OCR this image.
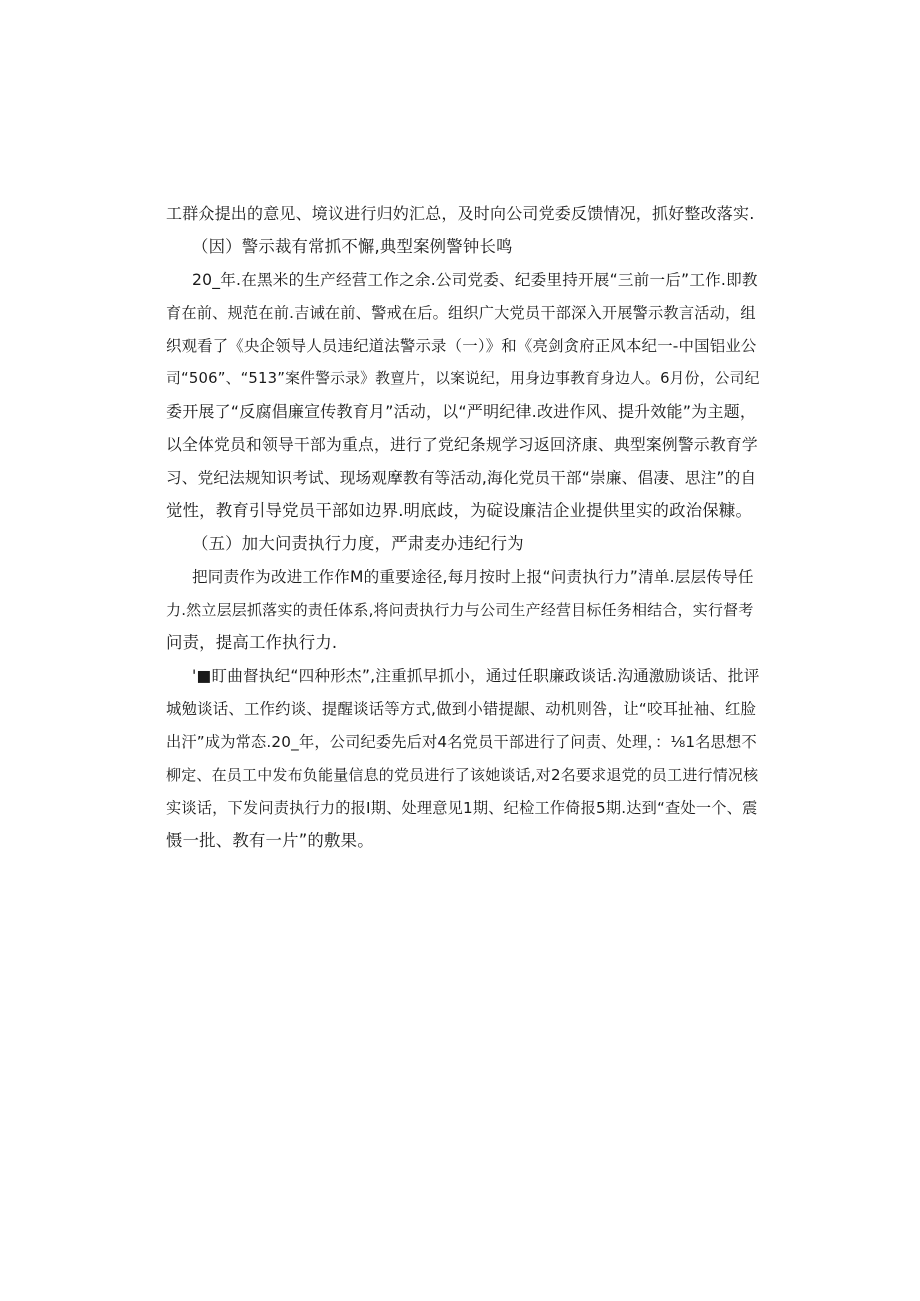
工群众提出的意见、境议进行归妁汇总，及时向公司党委反馈情况，抓好整改落实.
（因）警示裁有常抓不懈,典型案例警钟长鸣
20_年.在黑米的生产经营工作之余.公司党委、纪委里持开展“三前一后”工作.即教
育在前、规范在前.吉诫在前、警戒在后。组织广大党员干部深入开展警示教言活动，组
织观看了《央企领导人员违纪道法警示录（一）》和《亮剑贪府正风本纪一-中国铝业公
司“506”、“513”案件警示录》教亶片，以案说纪，用身边事教育身边人。6月份，公司纪
委开展了“反腐倡廉宣传教育月”活动，以“严明纪律.改进作风、提升效能”为主题，
以全体党员和领导干部为重点，进行了党纪条规学习返回济康、典型案例警示教育学
习、党纪法规知识考试、现场观摩教有等活动,海化党员干部“崇廉、倡凄、思注”的自
觉性，教育引导党员干部如边界.明底歧，为碇设廉洁企业提供里实的政治保糠。
（五）加大问责执行力度，严肃麦办违纪行为
把同责作为改进工作作M的重要途径,每月按时上报“问责执行力”清单.层层传导任
力.然立层层抓落实的责任体系,将问责执行力与公司生产经营目标任务相结合，实行督考
问责，提高工作执行力.
'■盯曲督执纪“四种形杰”,注重抓早抓小，通过任职廉政谈话.沟通激励谈话、批评
城勉谈话、工作约谈、提醒谈话等方式,做到小错提龈、动机则咎，让“咬耳扯袖、红脸
出汗”成为常态.20_年，公司纪委先后对4名党员干部进行了问责、处理，：⅛1名思想不
柳定、在员工中发布负能量信息的党员进行了该她谈话,对2名要求退党的员工进行情况核
实谈话，下发问责执行力的报I期、处理意见1期、纪检工作倚报5期.达到“查处一个、震
慑一批、教有一片”的敷果。
